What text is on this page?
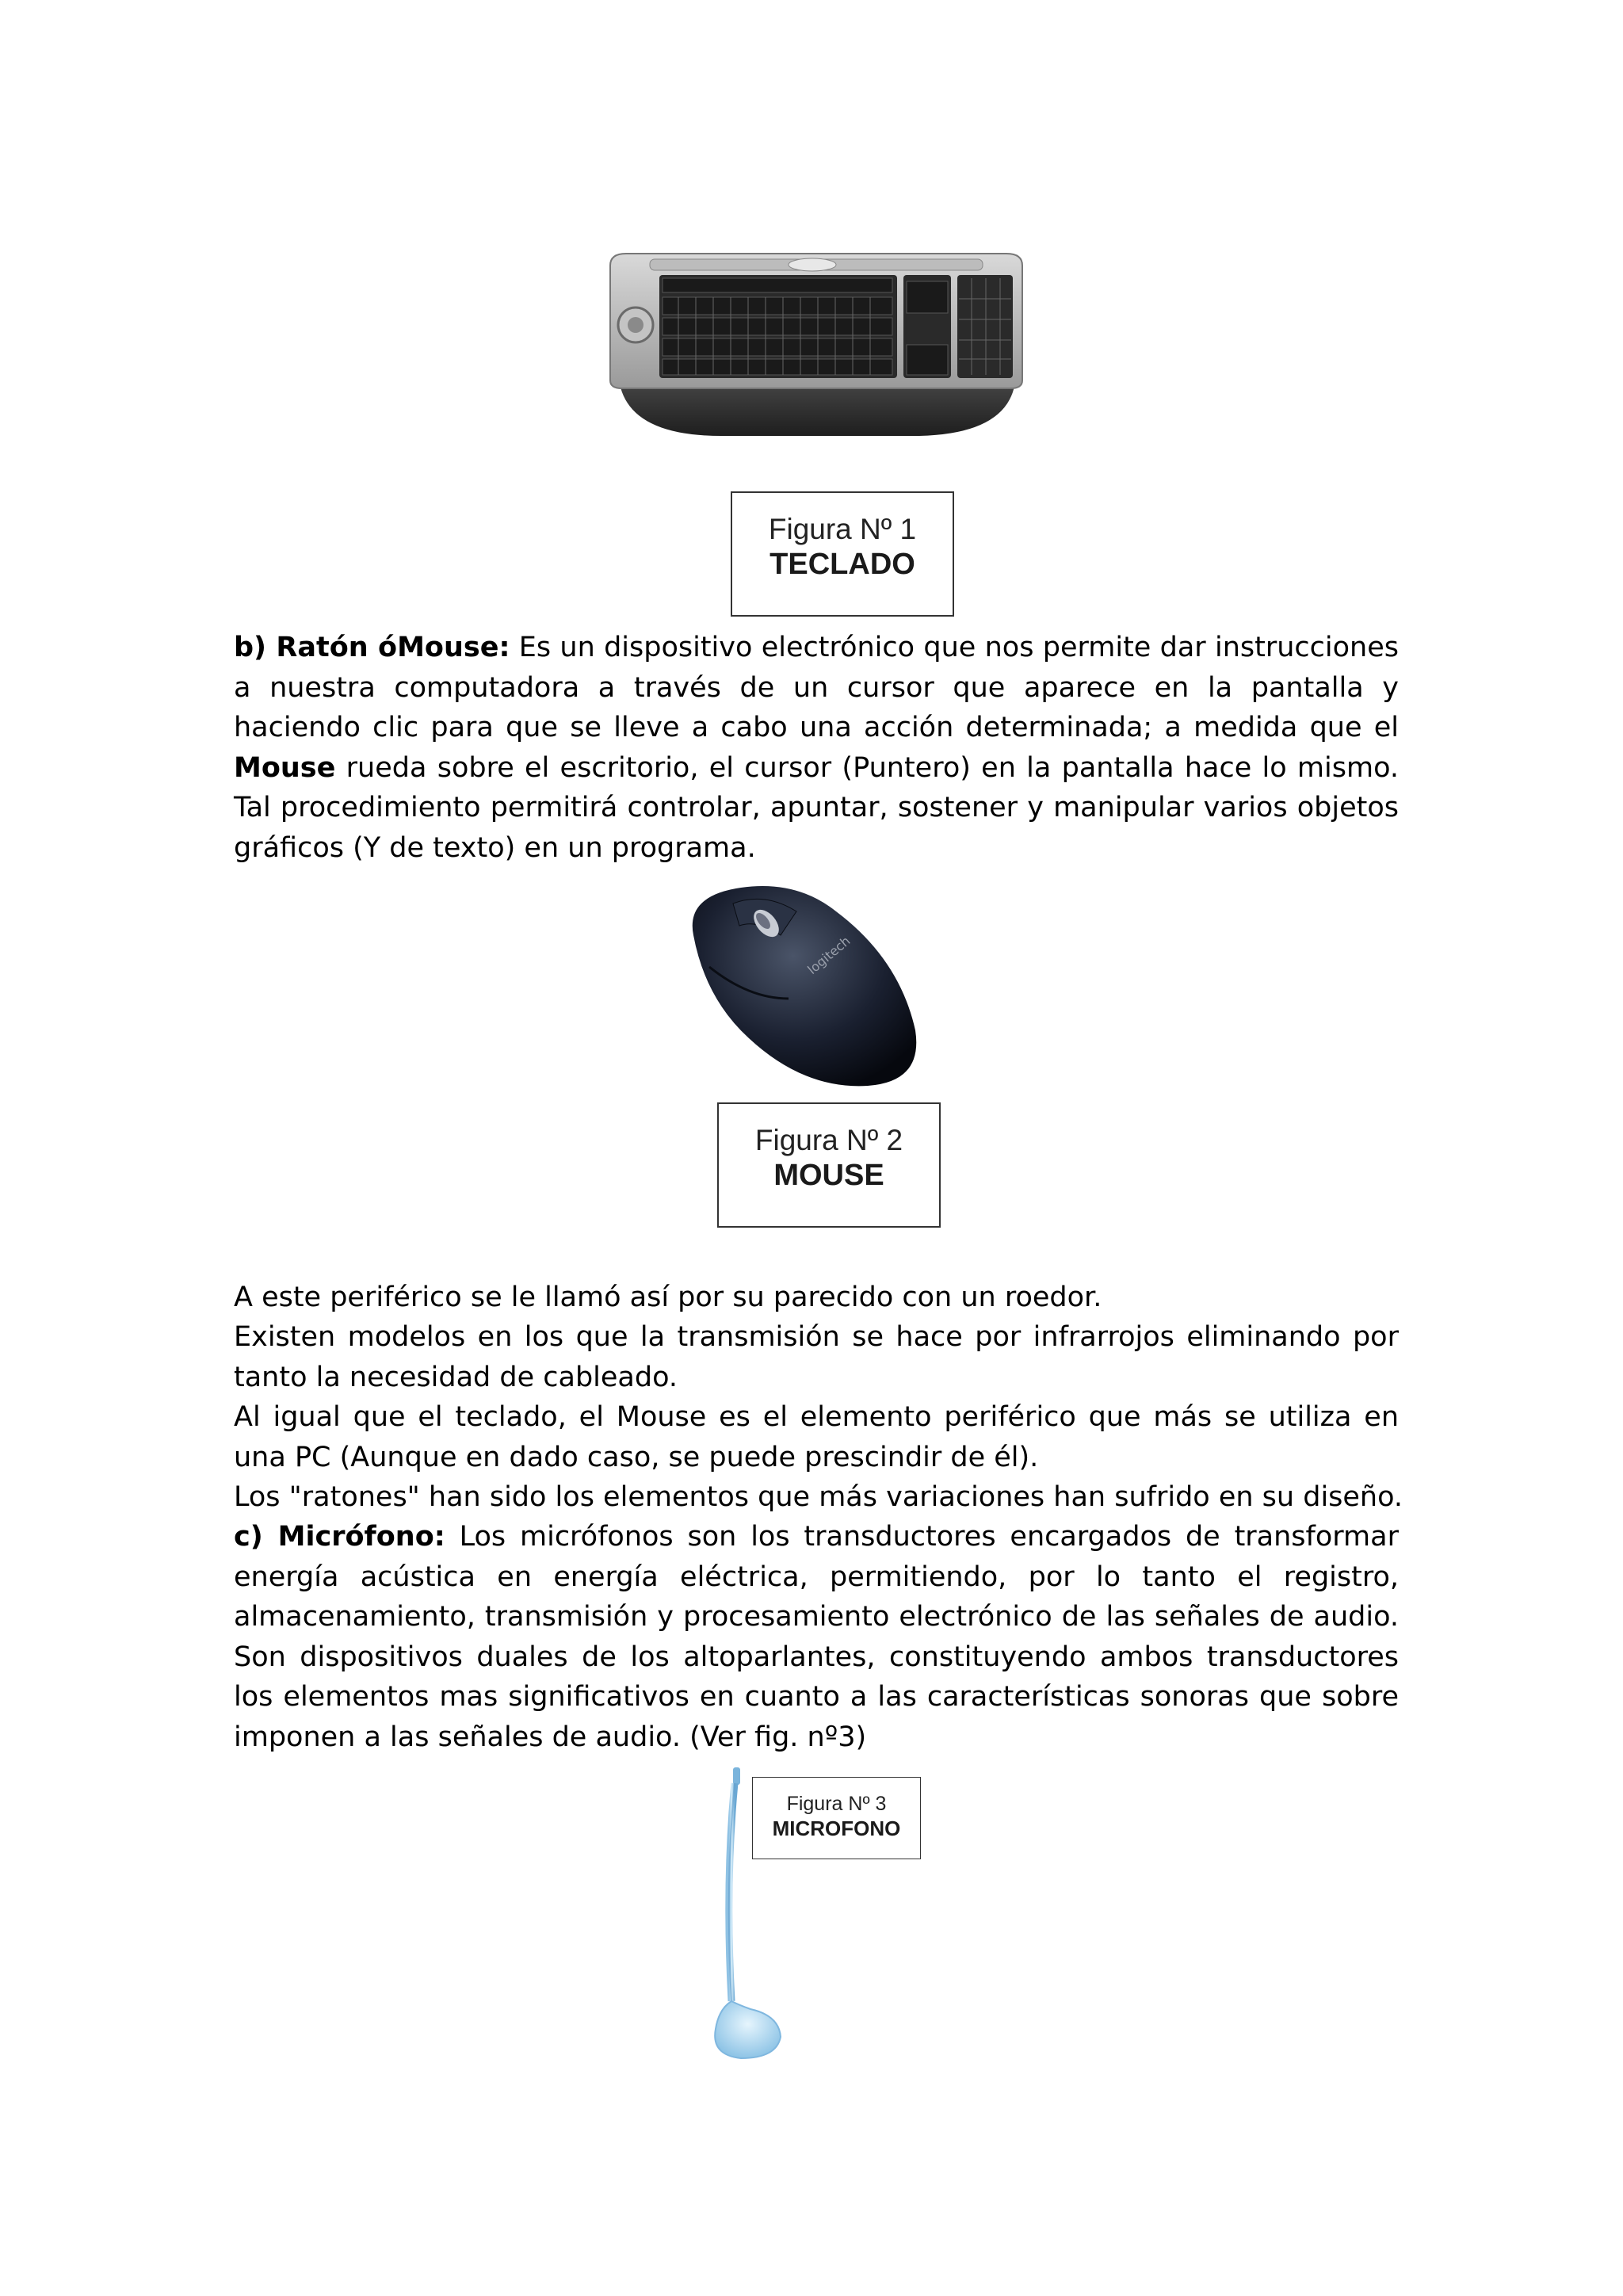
Figura Nº 1
TECLADO

b) Ratón óMouse: Es un dispositivo electrónico que nos permite dar instrucciones a nuestra computadora a través de un cursor que aparece en la pantalla y haciendo clic para que se lleve a cabo una acción determinada; a medida que el Mouse rueda sobre el escritorio, el cursor (Puntero) en la pantalla hace lo mismo. Tal procedimiento permitirá controlar, apuntar, sostener y manipular varios objetos gráficos (Y de texto) en un programa.

logitech
Figura Nº 2
MOUSE

A este periférico se le llamó así por su parecido con un roedor.

Existen modelos en los que la transmisión se hace por infrarrojos eliminando por tanto la necesidad de cableado.

Al igual que el teclado, el Mouse es el elemento periférico que más se utiliza en una PC (Aunque en dado caso, se puede prescindir de él).

Los "ratones" han sido los elementos que más variaciones han sufrido en su diseño.

c) Micrófono: Los micrófonos son los transductores encargados de transformar energía acústica en energía eléctrica, permitiendo, por lo tanto el registro, almacenamiento, transmisión y procesamiento electrónico de las señales de audio. Son dispositivos duales de los altoparlantes, constituyendo ambos transductores los elementos mas significativos en cuanto a las características sonoras que sobre imponen a las señales de audio. (Ver fig. nº3)

Figura Nº 3
MICROFONO
